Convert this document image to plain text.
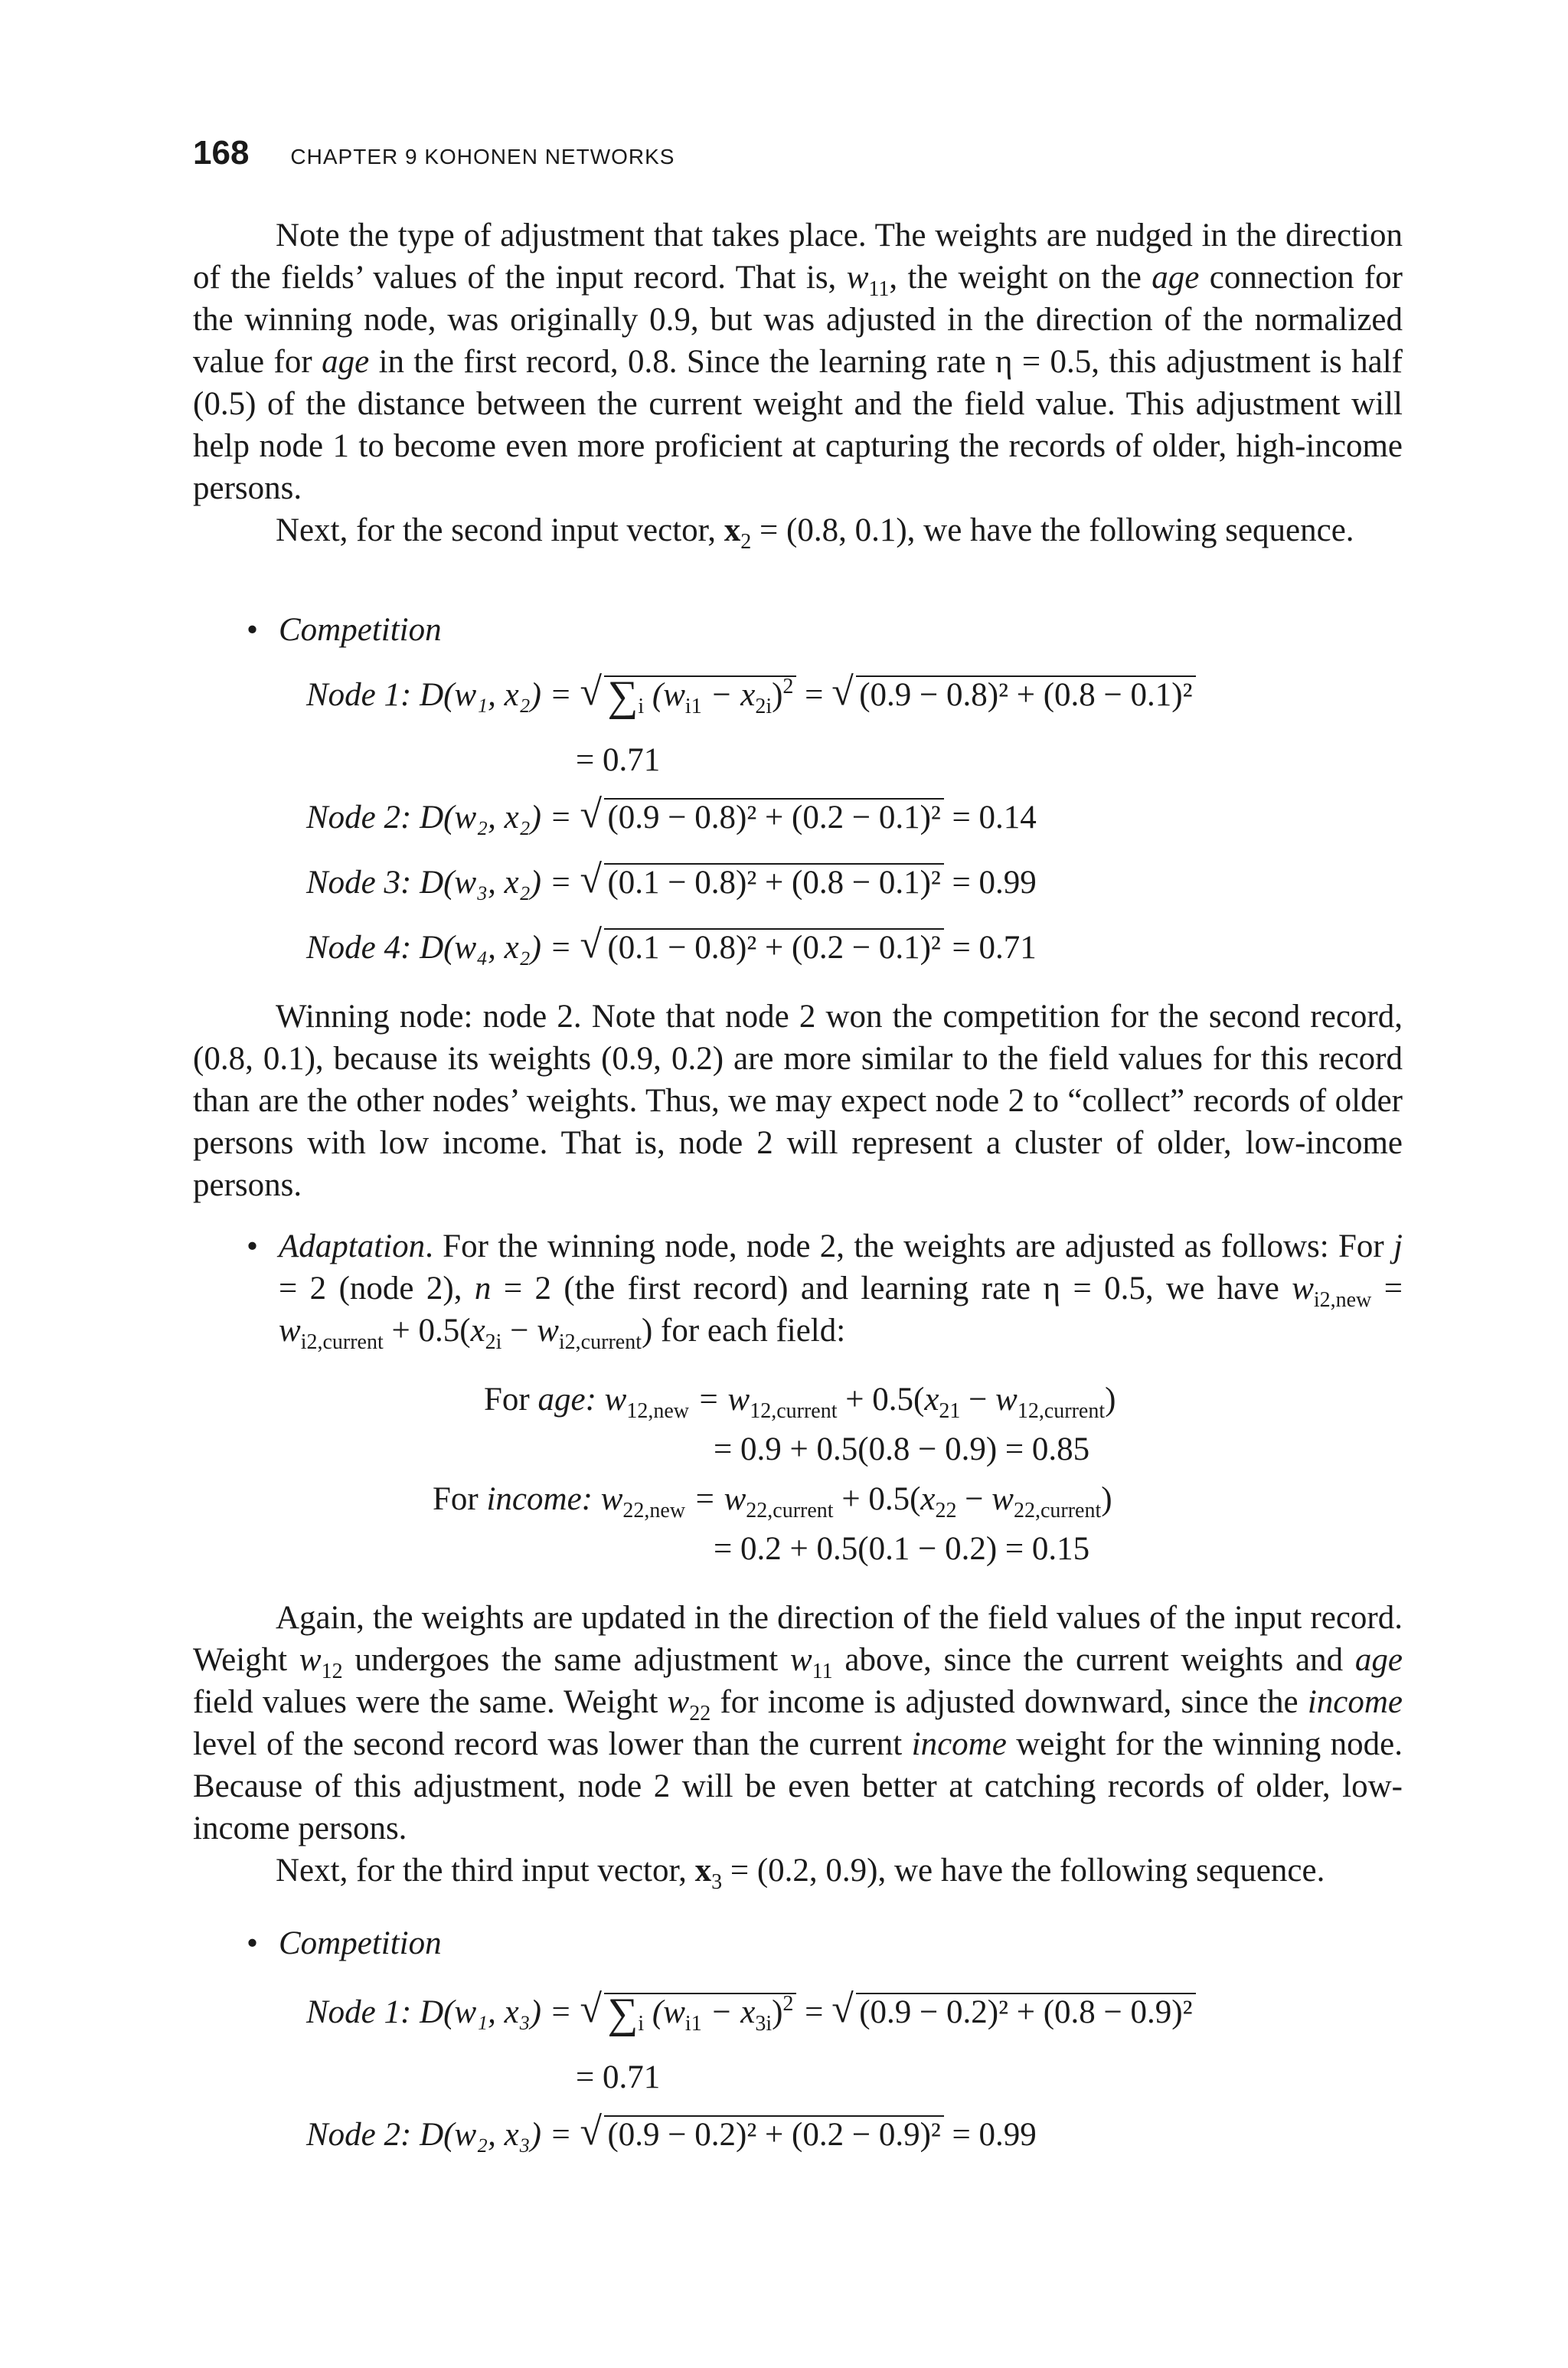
168 CHAPTER 9 KOHONEN NETWORKS

Note the type of adjustment that takes place. The weights are nudged in the direction of the fields’ values of the input record. That is, $w_{11}$, the weight on the age connection for the winning node, was originally 0.9, but was adjusted in the direction of the normalized value for age in the first record, 0.8. Since the learning rate η = 0.5, this adjustment is half (0.5) of the distance between the current weight and the field value. This adjustment will help node 1 to become even more proficient at capturing the records of older, high-income persons.

Next, for the second input vector, $x_2 = (0.8$, 0.1), we have the following sequence.

• Competition
Node 1: D(w₁, x₂) = √ $\sum_i$ $(w_{i1} - x_{2i})^2$ = √ (0.9 − 0.8)² + (0.8 − 0.1)²
= 0.71
Node 2: D(w₂, x₂) = √ (0.9 − 0.8)² + (0.2 − 0.1)² = 0.14
Node 3: D(w₃, x₂) = √ (0.1 − 0.8)² + (0.8 − 0.1)² = 0.99
Node 4: D(w₄, x₂) = √ (0.1 − 0.8)² + (0.2 − 0.1)² = 0.71

Winning node: node 2. Note that node 2 won the competition for the second record, (0.8, 0.1), because its weights (0.9, 0.2) are more similar to the field values for this record than are the other nodes’ weights. Thus, we may expect node 2 to “collect” records of older persons with low income. That is, node 2 will represent a cluster of older, low-income persons.

• Adaptation. For the winning node, node 2, the weights are adjusted as follows: For j = 2 (node 2), n = 2 (the first record) and learning rate η = 0.5, we have $w_{i2,new} = w_{i2,current} + 0.5(x_{2i} - w_{i2,current})$ for each field:
For age: $w_{12,new} = w_{12,current} + 0.5(x_{21} - w_{12,current})$
= 0.9 + 0.5(0.8 − 0.9) = 0.85
For income: $w_{22,new} = w_{22,current} + 0.5(x_{22} - w_{22,current})$
= 0.2 + 0.5(0.1 − 0.2) = 0.15

Again, the weights are updated in the direction of the field values of the input record. Weight $w_{12}$ undergoes the same adjustment $w_{11}$ above, since the current weights and age field values were the same. Weight $w_{22}$ for income is adjusted downward, since the income level of the second record was lower than the current income weight for the winning node. Because of this adjustment, node 2 will be even better at catching records of older, low-income persons.

Next, for the third input vector, $x_3 = (0.2$, 0.9), we have the following sequence.

• Competition
Node 1: D(w₁, x₃) = √ $\sum_i$ $(w_{i1} - x_{3i})^2$ = √ (0.9 − 0.2)² + (0.8 − 0.9)²
= 0.71
Node 2: D(w₂, x₃) = √ (0.9 − 0.2)² + (0.2 − 0.9)² = 0.99
